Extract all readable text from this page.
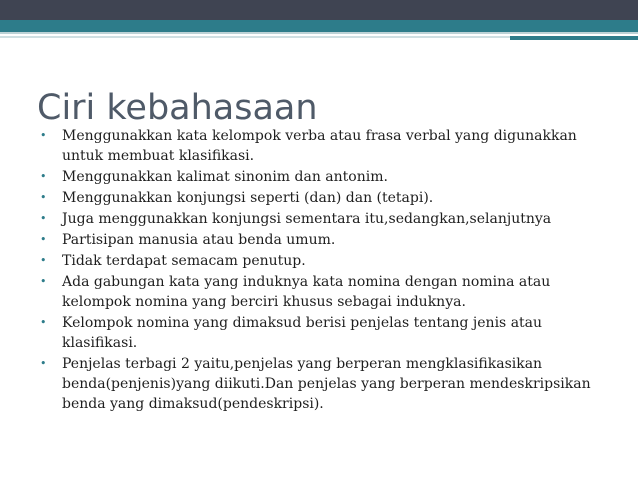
Ciri kebahasaan
• Menggunakkan kata kelompok verba atau frasa verbal yang digunakkan untuk membuat klasifikasi.
• Menggunakkan kalimat sinonim dan antonim.
• Menggunakkan konjungsi seperti (dan) dan (tetapi).
• Juga menggunakkan konjungsi sementara itu,sedangkan,selanjutnya
• Partisipan manusia atau benda umum.
• Tidak terdapat semacam penutup.
• Ada gabungan kata yang induknya kata nomina dengan nomina atau kelompok nomina yang berciri khusus sebagai induknya.
• Kelompok nomina yang dimaksud berisi penjelas tentang jenis atau klasifikasi.
• Penjelas terbagi 2 yaitu,penjelas yang berperan mengklasifikasikan benda(penjenis)yang diikuti.Dan penjelas yang berperan mendeskripsikan benda yang dimaksud(pendeskripsi).
